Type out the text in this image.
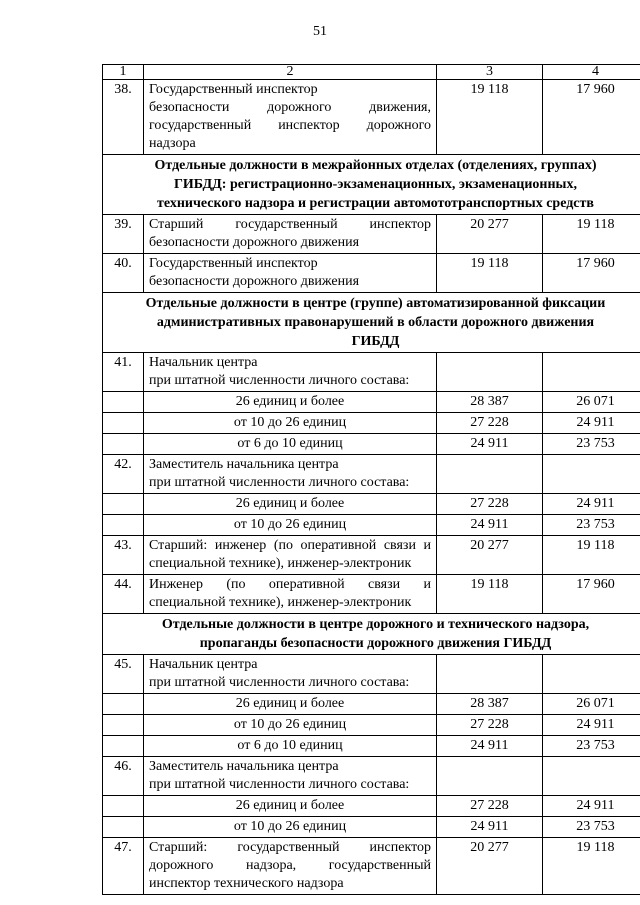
51
1	2	3	4
38.	Государственный инспектор
безопасности дорожного движения,
государственный инспектор дорожного
надзора	19 118	17 960

Отдельные должности в межрайонных отделах (отделениях, группах)
ГИБДД: регистрационно-экзаменационных, экзаменационных,
технического надзора и регистрации автомототранспортных средств			

39.	Старший государственный инспектор
безопасности дорожного движения	20 277	19 118
40.	Государственный инспектор
безопасности дорожного движения	19 118	17 960

Отдельные должности в центре (группе) автоматизированной фиксации
административных правонарушений в области дорожного движения
ГИБДД			

41.	Начальник центра
при штатной численности личного состава:		

	26 единиц и более	28 387	26 071
	от 10 до 26 единиц	27 228	24 911
	от 6 до 10 единиц	24 911	23 753
42.	Заместитель начальника центра
при штатной численности личного состава:		

	26 единиц и более	27 228	24 911
	от 10 до 26 единиц	24 911	23 753
43.	Старший: инженер (по оперативной связи и
специальной технике), инженер-электроник	20 277	19 118
44.	Инженер (по оперативной связи и
специальной технике), инженер-электроник	19 118	17 960

Отдельные должности в центре дорожного и технического надзора,
пропаганды безопасности дорожного движения ГИБДД			

45.	Начальник центра
при штатной численности личного состава:		

	26 единиц и более	28 387	26 071
	от 10 до 26 единиц	27 228	24 911
	от 6 до 10 единиц	24 911	23 753
46.	Заместитель начальника центра
при штатной численности личного состава:		

	26 единиц и более	27 228	24 911
	от 10 до 26 единиц	24 911	23 753
47.	Старший: государственный инспектор
дорожного надзора, государственный
инспектор технического надзора	20 277	19 118
